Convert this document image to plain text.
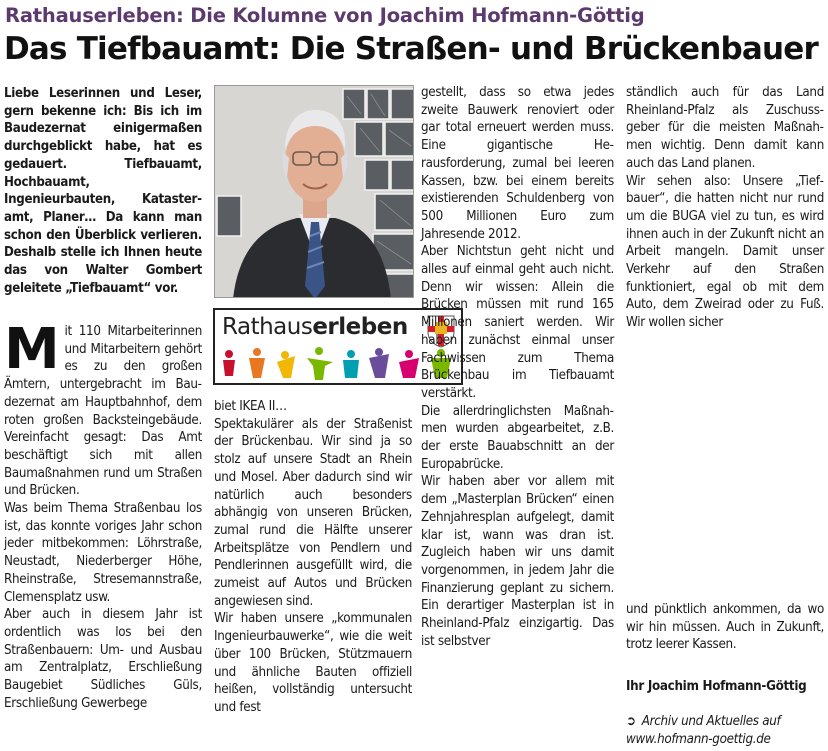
Rathauserleben: Die Kolumne von Joachim Hofmann-Göttig
Das Tiefbauamt: Die Straßen- und Brückenbauer

Liebe Leserinnen und Leser, gern bekenne ich: Bis ich im Baudezernat einigermaßen durchgeblickt habe, hat es gedauert. Tiefbauamt, Hochbauamt, Ingenieurbauten, Katasteramt, Planer… Da kann man schon den Überblick verlieren. Deshalb stelle ich Ihnen heute das von Walter Gombert geleitete „Tiefbauamt“ vor.

Mit 110 Mitarbeiterinnen und Mitarbeitern gehört es zu den großen Ämtern, untergebracht im Baudezernat am Hauptbahnhof, dem roten großen Backsteingebäude. Vereinfacht gesagt: Das Amt beschäftigt sich mit allen Baumaßnahmen rund um Straßen und Brücken.

Was beim Thema Straßenbau los ist, das konnte voriges Jahr schon jeder mitbekommen: Löhrstraße, Neustadt, Niederberger Höhe, Rheinstraße, Stresemannstraße, Clemensplatz usw.

Aber auch in diesem Jahr ist ordentlich was los bei den Straßenbauern: Um- und Ausbau am Zentralplatz, Erschließung Baugebiet Südliches Güls, Erschließung Gewerbege

Rathauserleben

biet IKEA II…

Spektakulärer als der Straßenist der Brückenbau. Wir sind ja so stolz auf unsere Stadt an Rhein und Mosel. Aber dadurch sind wir natürlich auch besonders abhängig von unseren Brücken, zumal rund die Hälfte unserer Arbeitsplätze von Pendlern und Pendlerinnen ausgefüllt wird, die zumeist auf Autos und Brücken angewiesen sind.

Wir haben unsere „kommunalen Ingenieurbauwerke“, wie die weit über 100 Brücken, Stützmauern und ähnliche Bauten offiziell heißen, vollständig untersucht und fest

gestellt, dass so etwa jedes zweite Bauwerk renoviert oder gar total erneuert werden muss. Eine gigantische Herausforderung, zumal bei leeren Kassen, bzw. bei einem bereits existierenden Schuldenberg von 500 Millionen Euro zum Jahresende 2012.

Aber Nichtstun geht nicht und alles auf einmal geht auch nicht. Denn wir wissen: Allein die Brücken müssen mit rund 165 Millionen saniert werden. Wir haben zunächst einmal unser Fachwissen zum Thema Brückenbau im Tiefbauamt verstärkt.

Die allerdringlichsten Maßnahmen wurden abgearbeitet, z.B. der erste Bauabschnitt an der Europabrücke.

Wir haben aber vor allem mit dem „Masterplan Brücken“ einen Zehnjahresplan aufgelegt, damit klar ist, wann was dran ist. Zugleich haben wir uns damit vorgenommen, in jedem Jahr die Finanzierung geplant zu sichern. Ein derartiger Masterplan ist in Rheinland-Pfalz einzigartig. Das ist selbstver

ständlich auch für das Land Rheinland-Pfalz als Zuschussgeber für die meisten Maßnahmen wichtig. Denn damit kann auch das Land planen.

Wir sehen also: Unsere „Tiefbauer“, die hatten nicht nur rund um die BUGA viel zu tun, es wird ihnen auch in der Zukunft nicht an Arbeit mangeln. Damit unser Verkehr auf den Straßen funktioniert, egal ob mit dem Auto, dem Zweirad oder zu Fuß. Wir wollen sicher

und pünktlich ankommen, da wo wir hin müssen. Auch in Zukunft, trotz leerer Kassen.

Ihr Joachim Hofmann-Göttig
➲ Archiv und Aktuelles auf
www.hofmann-goettig.de
